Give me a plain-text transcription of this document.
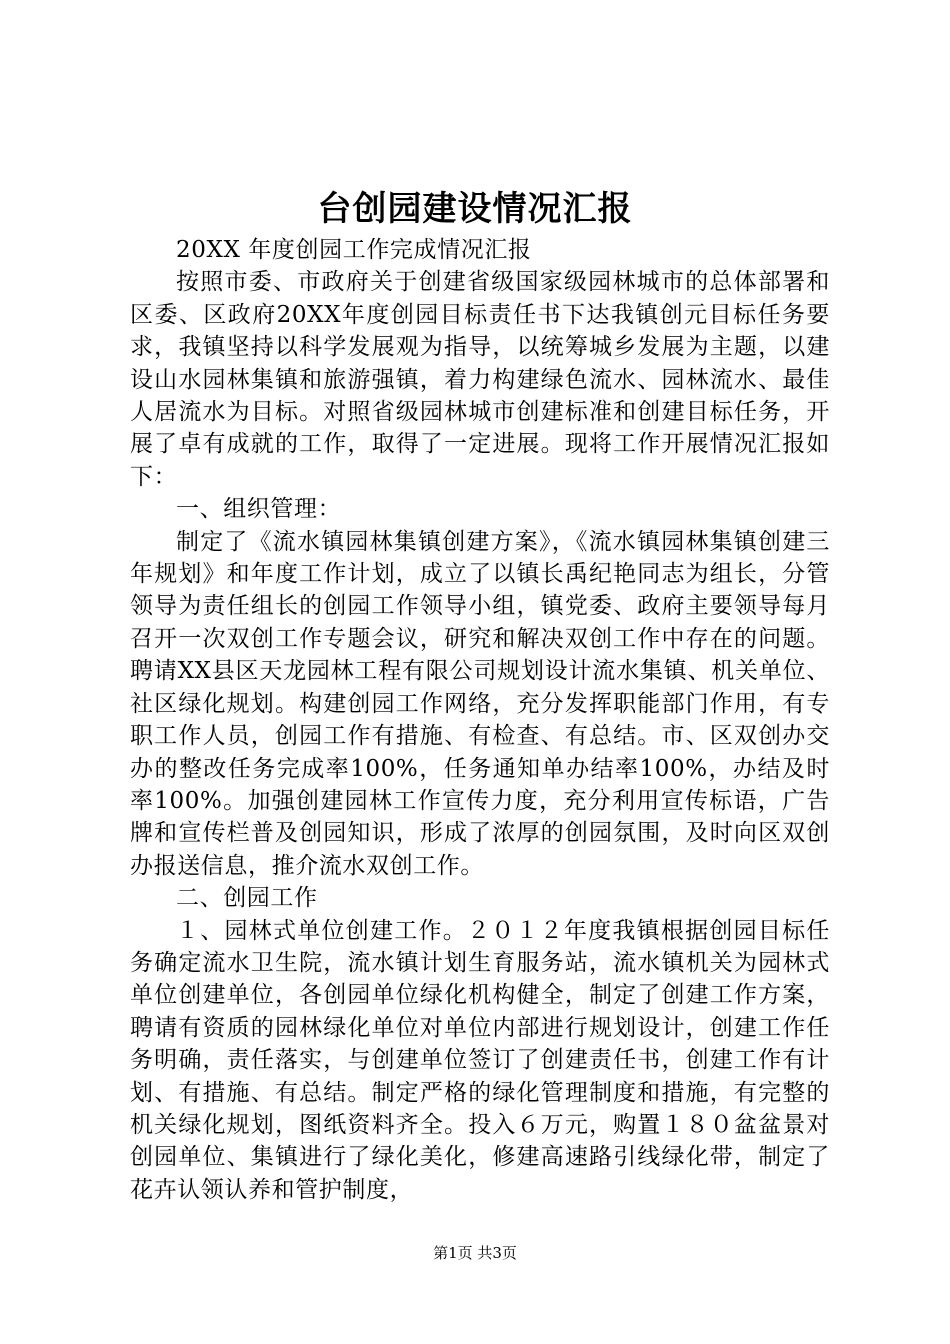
台创园建设情况汇报

20XX 年度创园工作完成情况汇报

按照市委、市政府关于创建省级国家级园林城市的总体部署和区委、区政府20XX年度创园目标责任书下达我镇创元目标任务要求，我镇坚持以科学发展观为指导，以统筹城乡发展为主题，以建设山水园林集镇和旅游强镇，着力构建绿色流水、园林流水、最佳人居流水为目标。对照省级园林城市创建标准和创建目标任务，开展了卓有成就的工作，取得了一定进展。现将工作开展情况汇报如下：

一、组织管理：

制定了《流水镇园林集镇创建方案》，《流水镇园林集镇创建三年规划》和年度工作计划，成立了以镇长禹纪艳同志为组长，分管领导为责任组长的创园工作领导小组，镇党委、政府主要领导每月召开一次双创工作专题会议，研究和解决双创工作中存在的问题。聘请XX县区天龙园林工程有限公司规划设计流水集镇、机关单位、社区绿化规划。构建创园工作网络，充分发挥职能部门作用，有专职工作人员，创园工作有措施、有检查、有总结。市、区双创办交办的整改任务完成率100%，任务通知单办结率100%，办结及时率100%。加强创建园林工作宣传力度，充分利用宣传标语，广告牌和宣传栏普及创园知识，形成了浓厚的创园氛围，及时向区双创办报送信息，推介流水双创工作。

二、创园工作

１、园林式单位创建工作。２０１２年度我镇根据创园目标任务确定流水卫生院，流水镇计划生育服务站，流水镇机关为园林式单位创建单位，各创园单位绿化机构健全，制定了创建工作方案，聘请有资质的园林绿化单位对单位内部进行规划设计，创建工作任务明确，责任落实，与创建单位签订了创建责任书，创建工作有计划、有措施、有总结。制定严格的绿化管理制度和措施，有完整的机关绿化规划，图纸资料齐全。投入６万元，购置１８０盆盆景对创园单位、集镇进行了绿化美化，修建高速路引线绿化带，制定了花卉认领认养和管护制度，

第1页 共3页
